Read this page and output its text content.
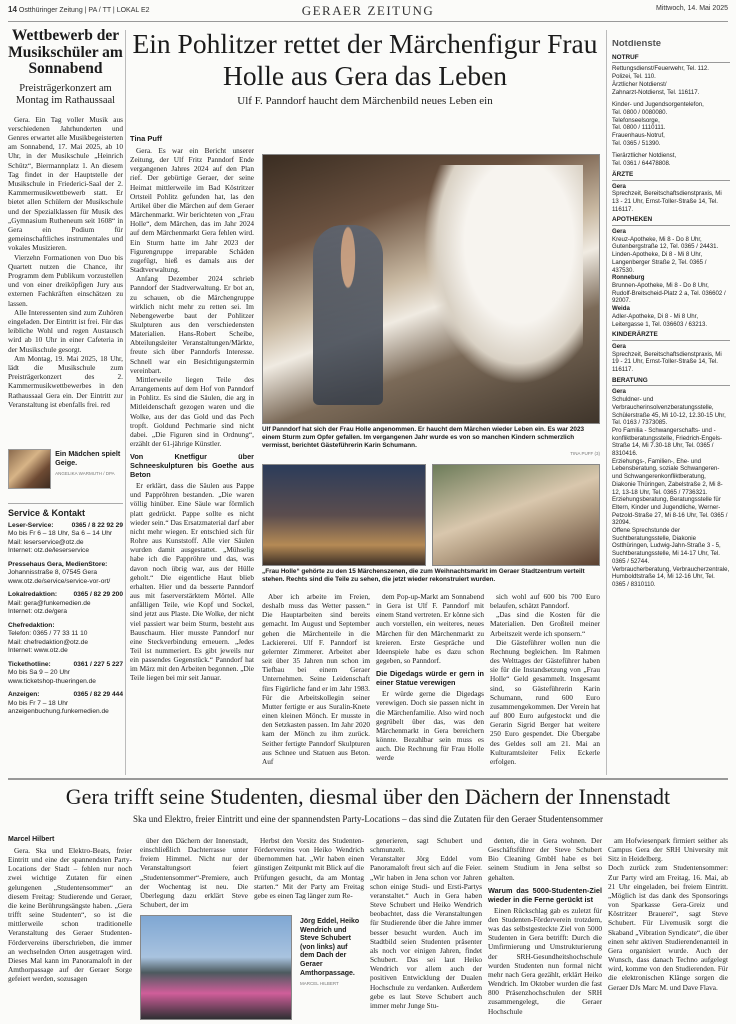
14 Ostthüringer Zeitung | PA / TT | LOKAL E2	GERAER ZEITUNG	Mittwoch, 14. Mai 2025
Wettbewerb der Musikschüler am Sonnabend
Preisträgerkonzert am Montag im Rathaussaal

Gera. Ein Tag voller Musik aus verschiedenen Jahrhunderten und Genres erwartet alle Musikbegeisterten am Sonnabend, 17. Mai 2025, ab 10 Uhr, in der Musikschule „Heinrich Schütz“, Biermannplatz 1. An diesem Tag findet in der Hauptstelle der Musikschule in Friederici-Saal der 2. Kammermusikwettbewerb statt. Er bietet allen Schülern der Musikschule und der Spezialklassen für Musik des „Gymnasium Rutheneum seit 1608“ in Gera ein Podium für gemeinschaftliches instrumentales und vokales Musizieren.

Vierzehn Formationen von Duo bis Quartett nutzen die Chance, ihr Programm dem Publikum vorzustellen und von einer dreiköpfigen Jury aus externen Fachkräften einschätzen zu lassen.

Alle Interessenten sind zum Zuhören eingeladen. Der Eintritt ist frei. Für das leibliche Wohl und regen Austausch wird ab 10 Uhr in einer Cafeteria in der Musikschule gesorgt.

Am Montag, 19. Mai 2025, 18 Uhr, lädt die Musikschule zum Preisträgerkonzert des 2. Kammermusikwettbewerbes in den Rathaussaal Gera ein. Der Eintritt zur Veranstaltung ist ebenfalls frei. red

Ein Mädchen spielt Geige.
ANGELIKA WARMUTH / DPA
Service & Kontakt
Leser-Service:	0365 / 8 22 92 29
Mo bis Fr 6 – 18 Uhr, Sa 6 – 14 Uhr
Mail: leserservice@otz.de
Internet: otz.de/leserservice
Pressehaus Gera, MedienStore:
Johannisstraße 8, 07545 Gera
www.otz.de/service/service-vor-ort/
Lokalredaktion: 0365 / 82 29 200
Mail: gera@funkemedien.de
Internet: otz.de/gera
Chefredaktion:
Telefon: 0365 / 77 33 11 10
Mail: chefredaktion@otz.de
Internet: www.otz.de
Tickethotline:	0361 / 227 5 227
Mo bis Sa 9 – 20 Uhr
www.ticketshop-thueringen.de
Anzeigen:	0365 / 82 29 444
Mo bis Fr 7 – 18 Uhr
anzeigenbuchung.funkemedien.de
Ein Pohlitzer rettet der Märchenfigur Frau Holle aus Gera das Leben
Ulf F. Panndorf haucht dem Märchenbild neues Leben ein
Tina Puff

Gera. Es war ein Bericht unserer Zeitung, der Ulf Fritz Panndorf Ende vergangenen Jahres 2024 auf den Plan rief. Der gebürtige Geraer, der seine Heimat mittlerweile im Bad Köstritzer Ortsteil Pohlitz gefunden hat, las den Artikel über die Märchen auf dem Geraer Märchenmarkt. Wir berichteten von „Frau Holle“, dem Märchen, das im Jahr 2024 auf dem Märchenmarkt Gera fehlen wird. Ein Sturm hatte im Jahr 2023 der Figurengruppe irreparable Schäden zugefügt, hieß es damals aus der Stadtverwaltung.

Anfang Dezember 2024 schrieb Panndorf der Stadtverwaltung. Er bot an, zu schauen, ob die Märchengruppe wirklich nicht mehr zu retten sei. Im Nebengewerbe baut der Pohlitzer Skulpturen aus den verschiedensten Materialien. Hans-Robert Scheibe, Abteilungsleiter Veranstaltungen/Märkte, freute sich über Panndorfs Interesse. Schnell war ein Besichtigungstermin vereinbart.

Mittlerweile liegen Teile des Arrangements auf dem Hof von Panndorf in Pohlitz. Es sind die Säulen, die arg in Mitleidenschaft gezogen waren und die Wolke, aus der das Gold und das Pech tropft. Goldund Pechmarie sind nicht dabei. „Die Figuren sind in Ordnung“, erzählt der 61-jährige Künstler.

Von Knetfigur über Schneeskulpturen bis Goethe aus Beton

Er erklärt, dass die Säulen aus Pappe und Pappröhren bestanden. „Die waren völlig hinüber. Eine Säule war förmlich platt gedrückt. Pappe sollte es nicht wieder sein.“ Das Ersatzmaterial darf aber nicht mehr wiegen. Er entschied sich für Rohre aus Kunststoff. Alle vier Säulen wurden damit ausgestattet. „Mühselig habe ich die Pappröhre und das, was davon noch übrig war, aus der Hülle geholt.“ Die eigentliche Haut blieb erhalten. Hier und da besserte Panndorf aus mit faserverstärktem Mörtel. Alle anfälligen Teile, wie Kopf und Sockel, sind jetzt aus Plaste. Die Wolke, der nicht viel passiert war beim Sturm, besteht aus Bauschaum. Hier musste Panndorf nur eine Steckverbindung erneuern. „Jedes Teil ist nummeriert. Es gibt jeweils nur ein passendes Gegenstück.“ Panndorf hat im März mit den Arbeiten begonnen. „Die Teile liegen bei mir seit Januar.

Ulf Panndorf hat sich der Frau Holle angenommen. Er haucht dem Märchen wieder Leben ein. Es war 2023 einem Sturm zum Opfer gefallen. Im vergangenen Jahr wurde es von so manchen Kindern schmerzlich vermisst, berichtet Gästeführerin Karin Schumann.
TINA PUFF (3)
„Frau Holle“ gehörte zu den 15 Märchenszenen, die zum Weihnachtsmarkt im Geraer Stadtzentrum verteilt stehen. Rechts sind die Teile zu sehen, die jetzt wieder rekonstruiert wurden.

Aber ich arbeite im Freien, deshalb muss das Wetter passen.“ Die Hauptarbeiten sind bereits gemacht. Im August und September gehen die Märchenteile in die Lackiererei. Ulf F. Panndorf ist gelernter Zimmerer. Arbeitet aber seit über 35 Jahren nun schon im Tiefbau bei einem Geraer Unternehmen. Seine Leidenschaft fürs Figürliche fand er im Jahr 1983. Für die Arbeitskollegin seiner Mutter fertigte er aus Suralin-Knete einen kleinen Mönch. Er musste in den Setzkasten passen. Im Jahr 2020 kam der Mönch zu ihm zurück. Seither fertigte Panndorf Skulpturen aus Schnee und Statuen aus Beton. Auf

dem Pop-up-Markt am Sonnabend in Gera ist Ulf F. Panndorf mit einem Stand vertreten. Er könne sich auch vorstellen, ein weiteres, neues Märchen für den Märchenmarkt zu kreieren. Erste Gespräche und Ideenspiele habe es dazu schon gegeben, so Panndorf.

Die Digedags würde er gern in einer Statue verewigen

Er würde gerne die Digedags verewigen. Doch sie passen nicht in die Märchenfamilie. Also wird noch gegrübelt über das, was den Märchenmarkt in Gera bereichern könnte. Bezahlbar sein muss es auch. Die Rechnung für Frau Holle werde

sich wohl auf 600 bis 700 Euro belaufen, schätzt Panndorf.

„Das sind die Kosten für die Materialien. Den Großteil meiner Arbeitszeit werde ich sponsern.“

Die Gästeführer wollen nun die Rechnung begleichen. Im Rahmen des Welttages der Gästeführer haben sie für die Instandsetzung von „Frau Holle“ Geld gesammelt. Insgesamt sind, so Gästeführerin Karin Schumann, rund 600 Euro zusammengekommen. Der Verein hat auf 800 Euro aufgestockt und die Gerarin Sigrid Berger hat weitere 250 Euro gespendet. Die Übergabe des Geldes soll am 21. Mai an Kulturamtsleiter Felix Eckerle erfolgen.

Notdienste
NOTRUF
Rettungsdienst/Feuerwehr, Tel. 112.
Polizei, Tel. 110.
Ärztlicher Notdienst/
Zahnarzt-Notdienst, Tel. 116117.
Kinder- und Jugendsorgentelefon,
Tel. 0800 / 0080080.
Telefonseelsorge,
Tel. 0800 / 1110111.
Frauenhaus-Notruf,
Tel. 0365 / 51390.
Tierärztlicher Notdienst,
Tel. 0361 / 64478808.
ÄRZTE
Gera
Sprechzeit, Bereitschaftsdienstpraxis, Mi 13 - 21 Uhr, Ernst-Toller-Straße 14, Tel. 116117.
APOTHEKEN
Gera
Kreuz-Apotheke, Mi 8 - Do 8 Uhr, Gutenbergstraße 12, Tel. 0365 / 24431.
Linden-Apotheke, Di 8 - Mi 8 Uhr, Langenberger Straße 2, Tel. 0365 / 437530.
Ronneburg
Brunnen-Apotheke, Mi 8 - Do 8 Uhr, Rudolf-Breitscheid-Platz 2 a, Tel. 036602 / 92007.
Weida
Adler-Apotheke, Di 8 - Mi 8 Uhr, Leitergasse 1, Tel. 036603 / 63213.
KINDERÄRZTE
Gera
Sprechzeit, Bereitschaftsdienstpraxis, Mi 19 - 21 Uhr, Ernst-Toller-Straße 14, Tel. 116117.
BERATUNG
Gera
Schuldner- und Verbraucherinsolvenzberatungsstelle, Schülerstraße 45, Mi 10-12, 12.30-15 Uhr, Tel. 0163 / 7373085.
Pro Familia - Schwangerschafts- und -konfliktberatungsstelle, Friedrich-Engels-Straße 14, Mi 7.30-18 Uhr, Tel. 0365 / 8310416.
Erziehungs-, Familien-, Ehe- und Lebensberatung, soziale Schwangeren- und Schwangerenkonfliktberatung, Diakonie Thüringen, Zabelstraße 2, Mi 8-12, 13-18 Uhr, Tel. 0365 / 7736321.
Erziehungsberatung, Beratungsstelle für Eltern, Kinder und Jugendliche, Werner-Petzold-Straße 27, Mi 8-16 Uhr, Tel. 0365 / 32094.
Offene Sprechstunde der Suchtberatungsstelle, Diakonie Ostthüringen, Ludwig-Jahn-Straße 3 - 5, Suchtberatungsstelle, Mi 14-17 Uhr, Tel. 0365 / 52744.
Verbraucherberatung, Verbraucherzentrale, Humboldtstraße 14, Mi 12-16 Uhr, Tel. 0365 / 8310110.
Gera trifft seine Studenten, diesmal über den Dächern der Innenstadt
Ska und Elektro, freier Eintritt und eine der spannendsten Party-Locations – das sind die Zutaten für den Geraer Studentensommer
Marcel Hilbert

Gera. Ska und Elektro-Beats, freier Eintritt und eine der spannendsten Party-Locations der Stadt – fehlen nur noch zwei wichtige Zutaten für einen gelungenen „Studentensommer“ an diesem Freitag: Studierende und Geraer, die keine Berührungsängste haben. „Gera trifft seine Studenten“, so ist die mittlerweile schon traditionelle Veranstaltung des Geraer Studenten-Fördervereins überschrieben, die immer an wechselnden Orten ausgetragen wird. Dieses Mal kann im Panoramaloft in der Amthorpassage auf der Geraer Sorge gefeiert werden, sozusagen

über den Dächern der Innenstadt, einschließlich Dachterrasse unter freiem Himmel. Nicht nur der Veranstaltungsort feiert „Studentensommer“-Premiere, auch der Wochentag ist neu. Die Überlegung dazu erklärt Steve Schubert, der im

Herbst den Vorsitz des Studenten-Fördervereins von Heiko Wendrich übernommen hat. „Wir haben einen günstigen Zeitpunkt mit Blick auf die Prüfungen gesucht, da am Montag starten.“ Mit der Party am Freitag gebe es einen Tag länger zum Re-

Jörg Eddel, Heiko Wendrich und Steve Schubert (von links) auf dem Dach der Geraer Amthorpassage.
MARCEL HILBERT

generieren, sagt Schubert und schmunzelt.
Veranstalter Jörg Eddel vom Panoramaloft freut sich auf die Feier. „Wir haben in Jena schon vor Jahren schon einige Studi- und Ersti-Partys veranstaltet.“ Auch in Gera haben Steve Schubert und Heiko Wendrich beobachtet, dass die Veranstaltungen für Studierende über die Jahre immer besser besucht wurden. Auch im Stadtbild seien Studenten präsenter als noch vor einigen Jahren, findet Schubert. Das sei laut Heiko Wendrich vor allem auch der positiven Entwicklung der Dualen Hochschule zu verdanken. Außerdem gebe es laut Steve Schubert auch immer mehr Junge Stu-

denten, die in Gera wohnen. Der Geschäftsführer der Steve Schubert Bio Cleaning GmbH habe es bei seinem Studium in Jena selbst so gehalten.

Warum das 5000-Studenten-Ziel wieder in die Ferne gerückt ist

Einen Rückschlag gab es zuletzt für den Studenten-Förderverein trotzdem, was das selbstgesteckte Ziel von 5000 Studenten in Gera betrifft: Durch die Umfirmierung und Umstrukturierung der SRH-Gesundheitshochschule wurden Studenten nun formal nicht mehr nach Gera gezählt, erklärt Heiko Wendrich. Im Oktober wurden die fast 800 Präsenzhochschulen der SRH zusammengelegt, die Geraer Hochschule

am Hofwiesenpark firmiert seither als Campus Gera der SRH University mit Sitz in Heidelberg.
Doch zurück zum Studentensommer: Zur Party wird am Freitag, 16. Mai, ab 21 Uhr eingeladen, bei freiem Eintritt. „Möglich ist das dank des Sponsorings von Sparkasse Gera-Greiz und Köstritzer Brauerei“, sagt Steve Schubert. Für Livemusik sorgt die Skaband „Vibration Syndicate“, die über einen sehr aktiven Studierendenanteil in Gera organisiert wurde. Auch der Wunsch, dass danach Techno aufgelegt wird, komme von den Studierenden. Für die elektronischen Klänge sorgen die Geraer DJs Marc M. und Dave Flava.
